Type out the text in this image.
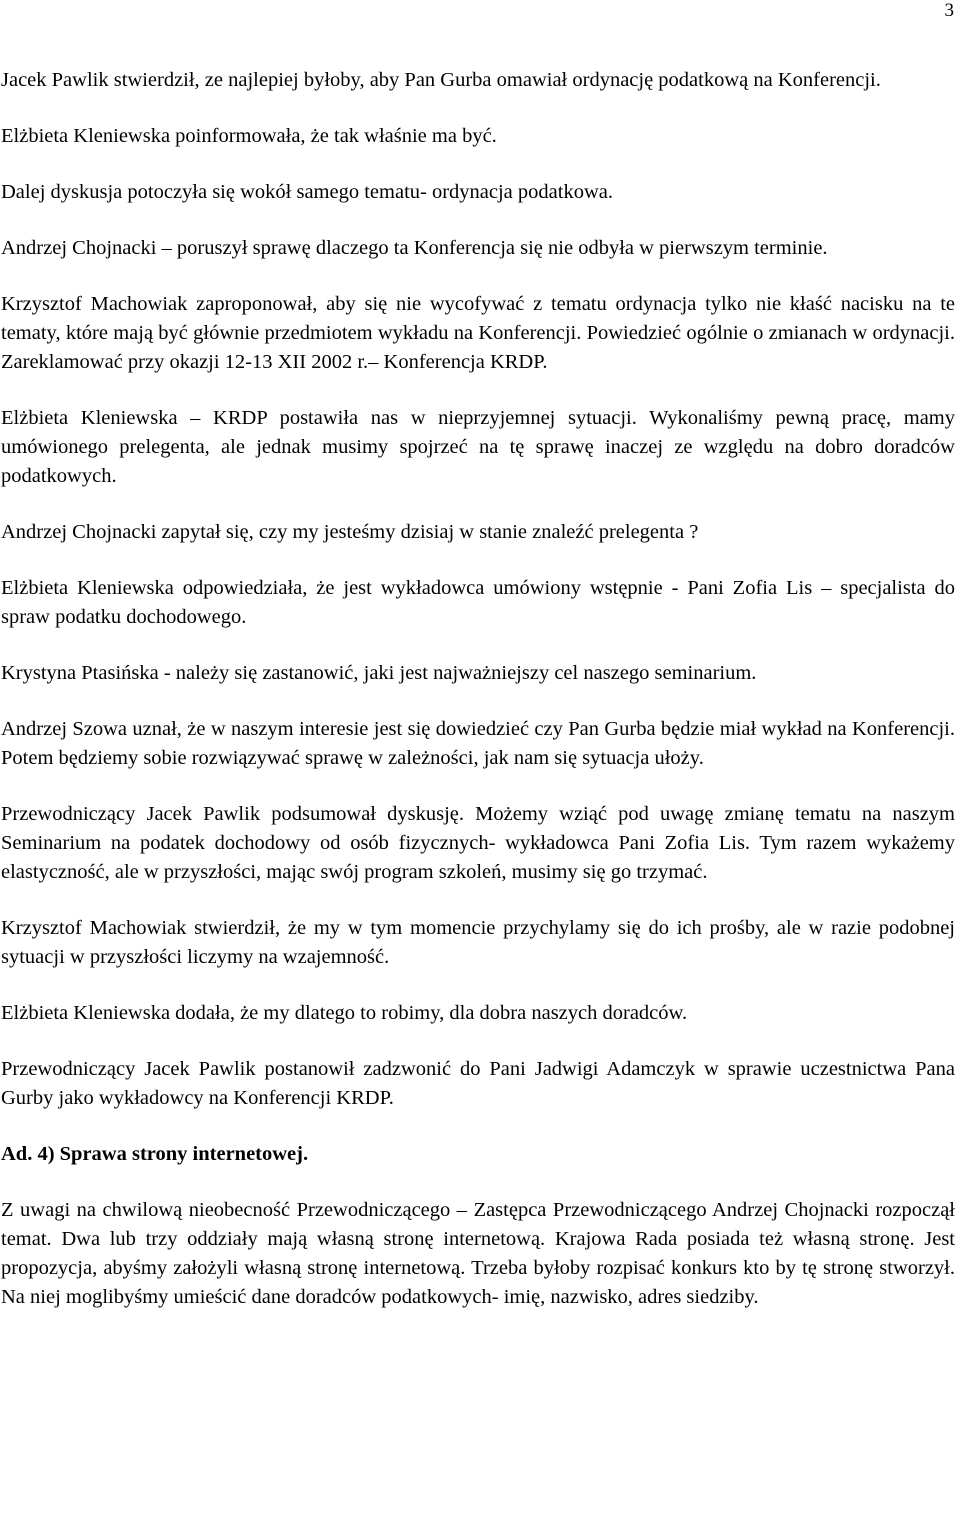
3

Jacek Pawlik stwierdził, ze najlepiej byłoby, aby Pan Gurba omawiał ordynację podatkową na Konferencji.

Elżbieta Kleniewska poinformowała, że tak właśnie ma być.

Dalej dyskusja potoczyła się wokół samego tematu- ordynacja podatkowa.

Andrzej Chojnacki – poruszył sprawę dlaczego ta Konferencja się nie odbyła w pierwszym terminie.

Krzysztof Machowiak zaproponował, aby się nie wycofywać z tematu ordynacja tylko nie kłaść nacisku na te tematy, które mają być głównie przedmiotem wykładu na Konferencji. Powiedzieć ogólnie o zmianach w ordynacji. Zareklamować przy okazji 12-13 XII 2002 r.– Konferencja KRDP.

Elżbieta Kleniewska – KRDP postawiła nas w nieprzyjemnej sytuacji. Wykonaliśmy pewną pracę, mamy umówionego prelegenta, ale jednak musimy spojrzeć na tę sprawę inaczej ze względu na dobro doradców podatkowych.

Andrzej Chojnacki zapytał się, czy my jesteśmy dzisiaj w stanie znaleźć prelegenta ?

Elżbieta Kleniewska odpowiedziała, że jest wykładowca umówiony wstępnie - Pani Zofia Lis – specjalista do spraw podatku dochodowego.

Krystyna Ptasińska - należy się zastanowić, jaki jest najważniejszy cel naszego seminarium.

Andrzej Szowa uznał, że w naszym interesie jest się dowiedzieć czy Pan Gurba będzie miał wykład na Konferencji. Potem będziemy sobie rozwiązywać sprawę w zależności, jak nam się sytuacja ułoży.

Przewodniczący Jacek Pawlik podsumował dyskusję. Możemy wziąć pod uwagę zmianę tematu na naszym Seminarium na podatek dochodowy od osób fizycznych- wykładowca Pani Zofia Lis. Tym razem wykażemy elastyczność, ale w przyszłości, mając swój program szkoleń, musimy się go trzymać.

Krzysztof Machowiak stwierdził, że my w tym momencie przychylamy się do ich prośby, ale w razie podobnej sytuacji w przyszłości liczymy na wzajemność.

Elżbieta Kleniewska dodała, że my dlatego to robimy, dla dobra naszych doradców.

Przewodniczący Jacek Pawlik postanowił zadzwonić do Pani Jadwigi Adamczyk w sprawie uczestnictwa Pana Gurby jako wykładowcy na Konferencji KRDP.

Ad. 4) Sprawa strony internetowej.

Z uwagi na chwilową nieobecność Przewodniczącego – Zastępca Przewodniczącego Andrzej Chojnacki rozpoczął temat. Dwa lub trzy oddziały mają własną stronę internetową. Krajowa Rada posiada też własną stronę. Jest propozycja, abyśmy założyli własną stronę internetową. Trzeba byłoby rozpisać konkurs kto by tę stronę stworzył. Na niej moglibyśmy umieścić dane doradców podatkowych- imię, nazwisko, adres siedziby.
